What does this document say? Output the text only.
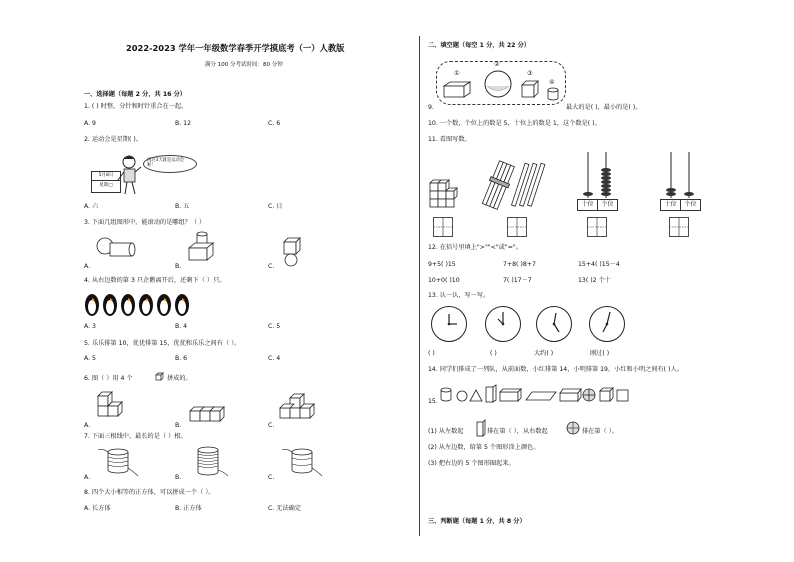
2022-2023 学年一年级数学春季开学摸底考（一）人教版
满分 100 分考试时间：80 分钟
一、选择题（每题 2 分，共 16 分）
1. ( ) 时整，分针和时针重合在一起。
A. 9	B. 12	C. 6
2. 运动会是星期( )。
5月8日
星期□
再过3天就是运动会啦！
A. 六	B. 五	C. 日
3. 下面几组图形中，能滚动的是哪组？（ ）
A.	B.	C.
4. 从右边数的第 3 只企鹅离开后，还剩下（ ）只。
A. 3	B. 4	C. 5
5. 乐乐排第 10，优优排第 15，优优和乐乐之间有（ ）。
A. 5	B. 6	C. 4
6. 图（ ）用 4 个	拼成的。
A.	B.	C.
7. 下面三根线中，最长的是（ ）根。
A.	B.	C.
8. 四个大小相等的正方体，可以拼成一个（ ）。
A. 长方体	B. 正方体	C. 无法确定
二、填空题（每空 1 分，共 22 分）
①
②
③
④
9.	最大的是( )，最小的是( )。
10. 一个数，个位上的数是 5，十位上的数是 1，这个数是( )。
11. 看图写数。
十位	个位	十位	个位
12. 在括号里填上">""<"或"="。
9+5( )15	7+8( )8+7	15+4( )15－4
10+0( )10	7( )17－7	13( )2 个十
13. 认一认，写一写。
( )	( )	大约( )	刚过( )
14. 同学们排成了一列队，从前面数，小红排第 14，小明排第 19，小红和小明之间有( )人。
15.
(1) 从左数起	排在第（ ），从右数起	排在第（ ）。
(2) 从左边数，给第 5 个图形涂上颜色。
(3) 把右边的 5 个图形圈起来。
三、判断题（每题 1 分，共 8 分）
